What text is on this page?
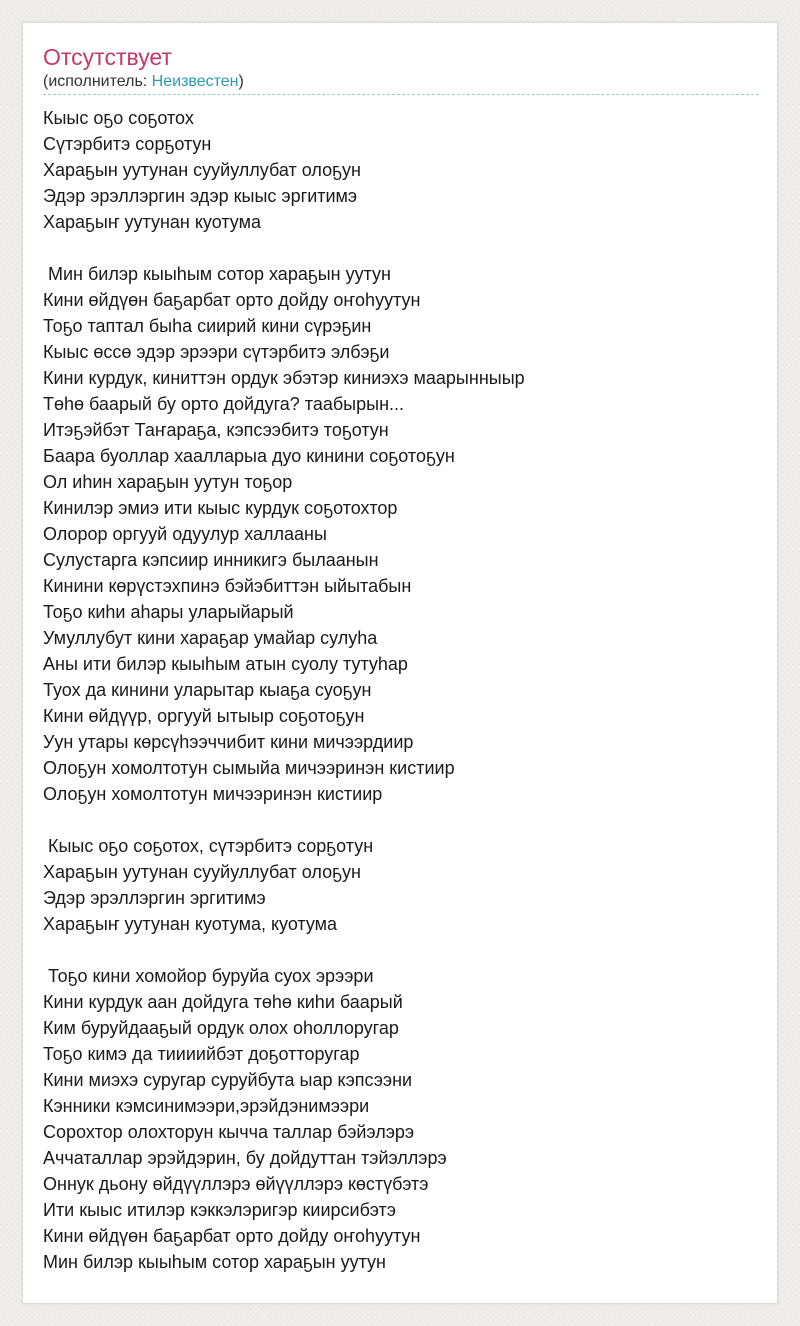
Отсутствует
(исполнитель: Неизвестен)
Кыыс оҕо соҕотох
Сүтэрбитэ сорҕотун
Хараҕын уутунан сууйуллубат олоҕун
Эдэр эрэллэргин эдэр кыыс эргитимэ
Хараҕыҥ уутунан куотума
Мин билэр кыыһым сотор хараҕын уутун
Кини өйдүөн баҕарбат орто дойду оҥоһуутун
Тоҕо таптал быһа сиирий кини сүрэҕин
Кыыс өссө эдэр эрээри сүтэрбитэ элбэҕи
Кини курдук, киниттэн ордук эбэтэр киниэхэ маарынныыр
Төһө баарый бу орто дойдуга? таабырын...
Итэҕэйбэт Таҥараҕа, кэпсээбитэ тоҕотун
Баара буоллар хаалларыа дуо кинини соҕотоҕун
Ол иһин хараҕын уутун тоҕор
Кинилэр эмиэ ити кыыс курдук соҕотохтор
Олорор оргууй одуулур халлааны
Сулустарга кэпсиир инникигэ былаанын
Кинини көрүстэхпинэ бэйэбиттэн ыйытабын
Тоҕо киһи аһары уларыйарый
Умуллубут кини хараҕар умайар сулуһа
Аны ити билэр кыыһым атын суолу тутуһар
Туох да кинини уларытар кыаҕа суоҕун
Кини өйдүүр, оргууй ытыыр соҕотоҕун
Уун утары көрсүһээччибит кини мичээрдиир
Олоҕун хомолтотун сымыйа мичээринэн кистиир
Олоҕун хомолтотун мичээринэн кистиир
Кыыс оҕо соҕотох, сүтэрбитэ сорҕотун
Хараҕын уутунан сууйуллубат олоҕун
Эдэр эрэллэргин эргитимэ
Хараҕыҥ уутунан куотума, куотума
Тоҕо кини хомойор буруйа суох эрээри
Кини курдук аан дойдуга төһө киһи баарый
Ким буруйдааҕый ордук олох оһоллоругар
Тоҕо кимэ да тиииийбэт доҕотторугар
Кини миэхэ суругар суруйбута ыар кэпсээни
Кэнники кэмсинимээри,эрэйдэнимээри
Сорохтор олохторун кычча таллар бэйэлэрэ
Аччаталлар эрэйдэрин, бу дойдуттан тэйэллэрэ
Оннук дьону өйдүүллэрэ өйүүллэрэ көстүбэтэ
Ити кыыс итилэр кэккэлэригэр киирсибэтэ
Кини өйдүөн баҕарбат орто дойду оҥоһуутун
Мин билэр кыыһым сотор хараҕын уутун
